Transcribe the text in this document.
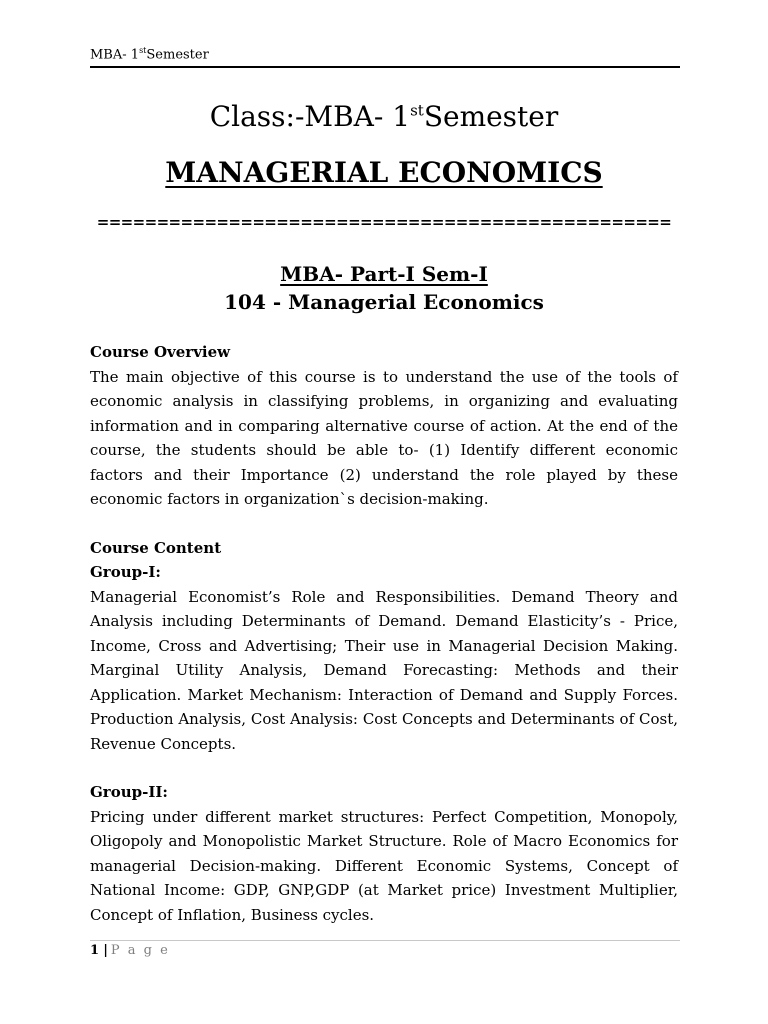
MBA- 1stSemester
Class:-MBA- 1stSemester
MANAGERIAL ECONOMICS
================================================
MBA- Part-I Sem-I
104 - Managerial Economics
Course Overview

The main objective of this course is to understand the use of the tools of economic analysis in classifying problems, in organizing and evaluating information and in comparing alternative course of action. At the end of the course, the students should be able to- (1) Identify different economic factors and their Importance (2) understand the role played by these economic factors in organization`s decision-making.

Course Content
Group-I:

Managerial Economist’s Role and Responsibilities. Demand Theory and Analysis including Determinants of Demand. Demand Elasticity’s - Price, Income, Cross and Advertising; Their use in Managerial Decision Making. Marginal Utility Analysis, Demand Forecasting: Methods and their Application. Market Mechanism: Interaction of Demand and Supply Forces. Production Analysis, Cost Analysis: Cost Concepts and Determinants of Cost, Revenue Concepts.

Group-II:

Pricing under different market structures: Perfect Competition, Monopoly, Oligopoly and Monopolistic Market Structure. Role of Macro Economics for managerial Decision-making. Different Economic Systems, Concept of National Income: GDP, GNP,GDP (at Market price) Investment Multiplier, Concept of Inflation, Business cycles.

1 | P a g e
